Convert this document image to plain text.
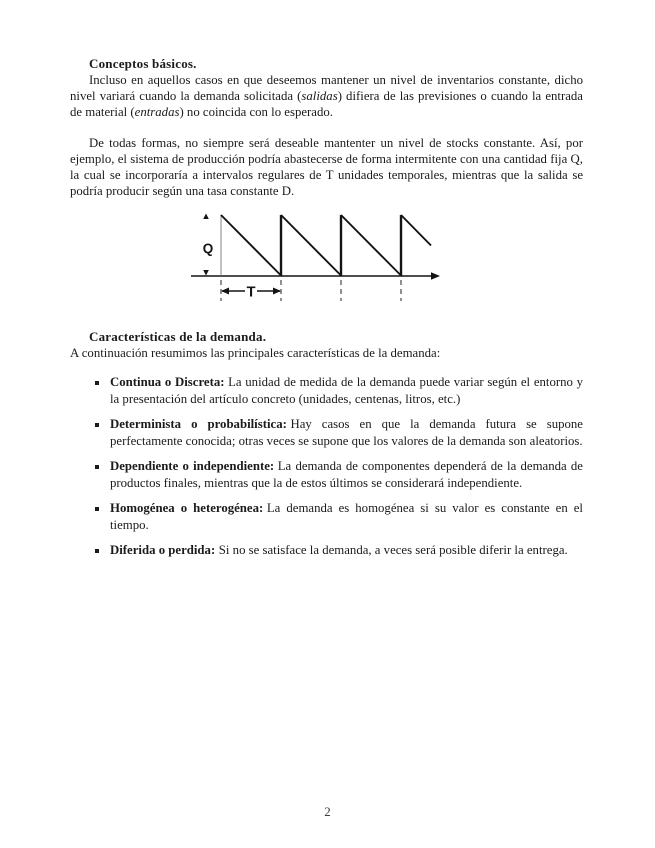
Conceptos básicos.

Incluso en aquellos casos en que deseemos mantener un nivel de inventarios constante, dicho nivel variará cuando la demanda solicitada (salidas) difiera de las previsiones o cuando la entrada de material (entradas) no coincida con lo esperado.

De todas formas, no siempre será deseable mantenter un nivel de stocks constante. Así, por ejemplo, el sistema de producción podría abastecerse de forma intermitente con una cantidad fija Q, la cual se incorporaría a intervalos regulares de T unidades temporales, mientras que la salida se podría producir según una tasa constante D.

Q
T
Características de la demanda.

A continuación resumimos las principales características de la demanda:

Continua o Discreta: La unidad de medida de la demanda puede variar según el entorno y la presentación del artículo concreto (unidades, centenas, litros, etc.)
Determinista o probabilística: Hay casos en que la demanda futura se supone perfectamente conocida; otras veces se supone que los valores de la demanda son aleatorios.
Dependiente o independiente: La demanda de componentes dependerá de la demanda de productos finales, mientras que la de estos últimos se considerará independiente.
Homogénea o heterogénea: La demanda es homogénea si su valor es constante en el tiempo.
Diferida o perdida: Si no se satisface la demanda, a veces será posible diferir la entrega.
2
